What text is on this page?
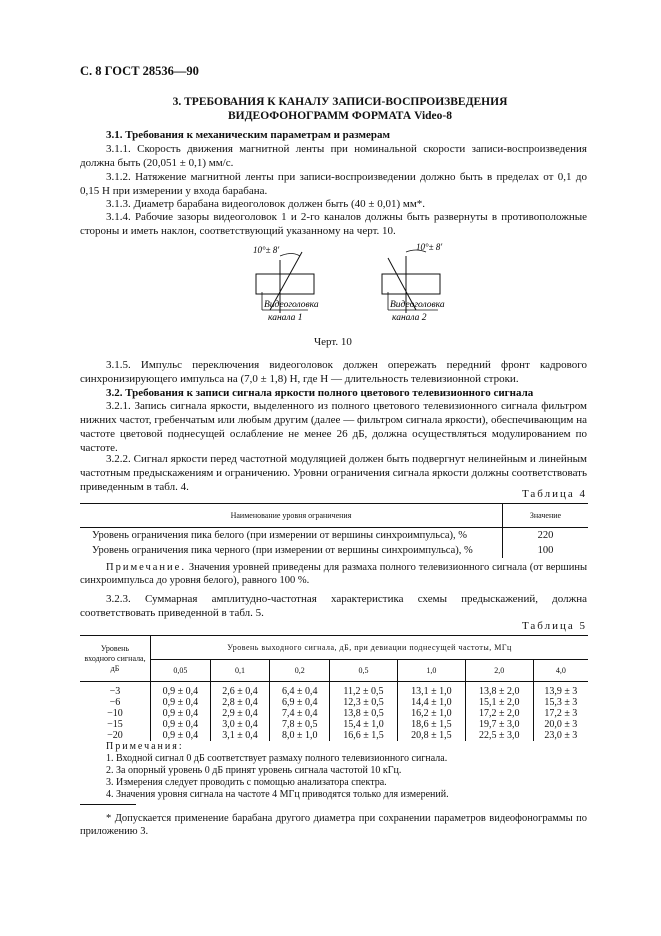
С. 8 ГОСТ 28536—90
3. ТРЕБОВАНИЯ К КАНАЛУ ЗАПИСИ-ВОСПРОИЗВЕДЕНИЯ
ВИДЕОФОНОГРАММ ФОРМАТА Video-8
3.1. Требования к механическим параметрам и размерам
3.1.1. Скорость движения магнитной ленты при номинальной скорости записи-воспроизведения должна быть (20,051 ± 0,1) мм/с.
3.1.2. Натяжение магнитной ленты при записи-воспроизведении должно быть в пределах от 0,1 до 0,15 Н при измерении у входа барабана.
3.1.3. Диаметр барабана видеоголовок должен быть (40 ± 0,01) мм*.
3.1.4. Рабочие зазоры видеоголовок 1 и 2-го каналов должны быть развернуты в противоположные стороны и иметь наклон, соответствующий указанному на черт. 10.
10°± 8'
Видеоголовка
канала 1
10°± 8'
Видеоголовка
канала 2
Черт. 10
3.1.5. Импульс переключения видеоголовок должен опережать передний фронт кадрового синхронизирующего импульса на (7,0 ± 1,8) H, где H — длительность телевизионной строки.
3.2. Требования к записи сигнала яркости полного цветового телевизионного сигнала
3.2.1. Запись сигнала яркости, выделенного из полного цветового телевизионного сигнала фильтром нижних частот, гребенчатым или любым другим (далее — фильтром сигнала яркости), обеспечивающим на частоте цветовой поднесущей ослабление не менее 26 дБ, должна осуществляться модулированием по частоте.
3.2.2. Сигнал яркости перед частотной модуляцией должен быть подвергнут нелинейным и линейным частотным предыскажениям и ограничению. Уровни ограничения сигнала яркости должны соответствовать приведенным в табл. 4.
Таблица 4
Наименование уровня ограничения	Значение
Уровень ограничения пика белого (при измерении от вершины синхроимпульса), %	220
Уровень ограничения пика черного (при измерении от вершины синхроимпульса), %	100
Примечание. Значения уровней приведены для размаха полного телевизионного сигнала (от вершины синхроимпульса до уровня белого), равного 100 %.
3.2.3. Суммарная амплитудно-частотная характеристика схемы предыскажений, должна соответствовать приведенной в табл. 5.
Таблица 5
Уровень
входного сигнала,
дБ	Уровень выходного сигнала, дБ, при девиации поднесущей частоты, МГц						
	0,05	0,1	0,2	0,5	1,0	2,0	4,0
−3	0,9 ± 0,4	2,6 ± 0,4	6,4 ± 0,4	11,2 ± 0,5	13,1 ± 1,0	13,8 ± 2,0	13,9 ± 3
−6	0,9 ± 0,4	2,8 ± 0,4	6,9 ± 0,4	12,3 ± 0,5	14,4 ± 1,0	15,1 ± 2,0	15,3 ± 3
−10	0,9 ± 0,4	2,9 ± 0,4	7,4 ± 0,4	13,8 ± 0,5	16,2 ± 1,0	17,2 ± 2,0	17,2 ± 3
−15	0,9 ± 0,4	3,0 ± 0,4	7,8 ± 0,5	15,4 ± 1,0	18,6 ± 1,5	19,7 ± 3,0	20,0 ± 3
−20	0,9 ± 0,4	3,1 ± 0,4	8,0 ± 1,0	16,6 ± 1,5	20,8 ± 1,5	22,5 ± 3,0	23,0 ± 3
Примечания:
1. Входной сигнал 0 дБ соответствует размаху полного телевизионного сигнала.
2. За опорный уровень 0 дБ принят уровень сигнала частотой 10 кГц.
3. Измерения следует проводить с помощью анализатора спектра.
4. Значения уровня сигнала на частоте 4 МГц приводятся только для измерений.
* Допускается применение барабана другого диаметра при сохранении параметров видеофонограммы по приложению 3.
